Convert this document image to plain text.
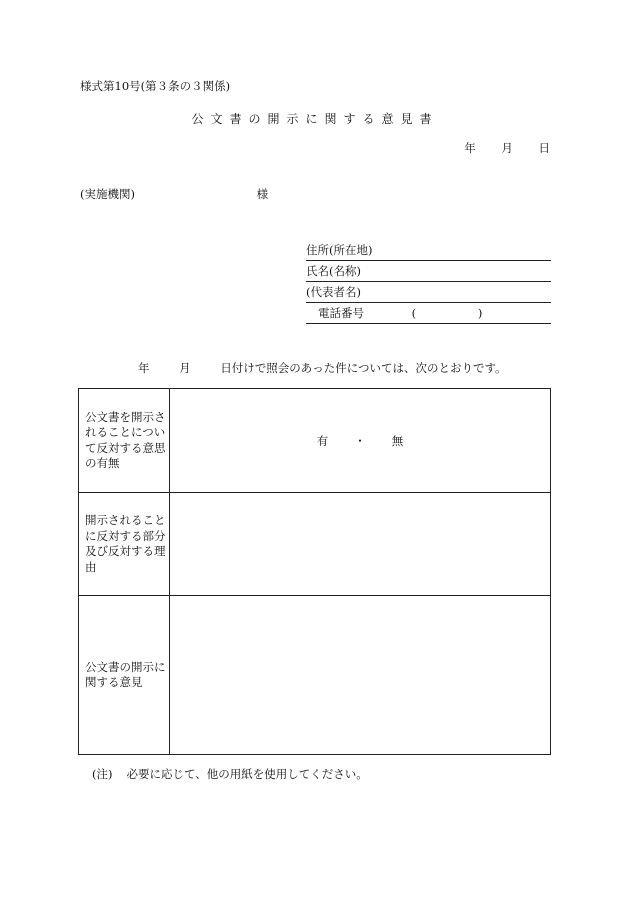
様式第10号(第３条の３関係)
公文書の開示に関する意見書
年 月 日
(実施機関)	様
住所(所在地)
氏名(名称)
(代表者名)
電話番号	(	)
年	月	日付けで照会のあった件については、次のとおりです。
公文書を開示されることについて反対する意思の有無	有 ・ 無
開示されることに反対する部分及び反対する理由	
公文書の開示に関する意見	
(注) 必要に応じて、他の用紙を使用してください。
